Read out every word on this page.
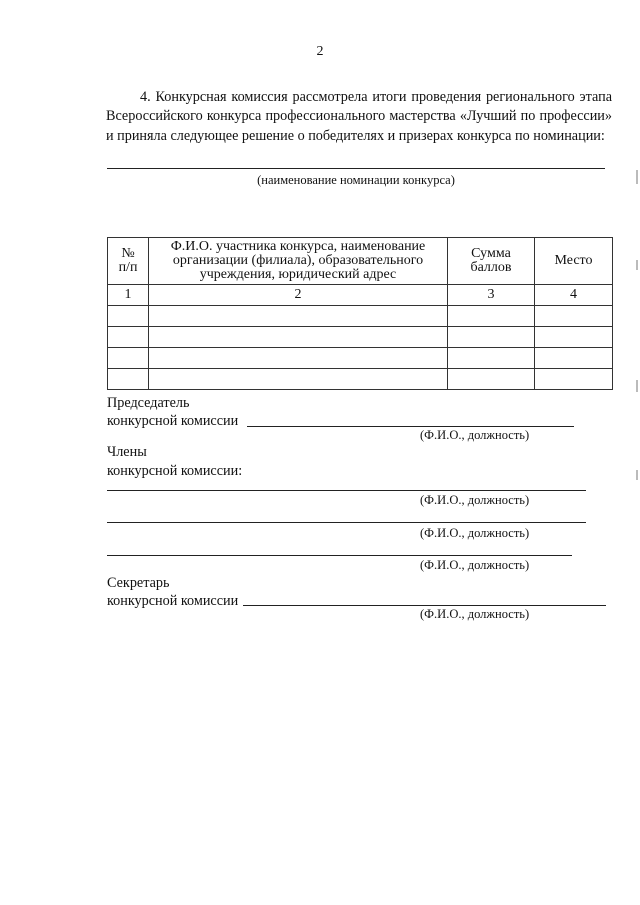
2
4. Конкурсная комиссия рассмотрела итоги проведения регионального этапа Всероссийского конкурса профессионального мастерства «Лучший по профессии» и приняла следующее решение о победителях и призерах конкурса по номинации:
(наименование номинации конкурса)
№ п/п	Ф.И.О. участника конкурса, наименование организации (филиала), образовательного учреждения, юридический адрес	Сумма баллов	Место
1	2	3	4

Председатель
конкурсной комиссии
(Ф.И.О., должность)
Члены
конкурсной комиссии:
(Ф.И.О., должность)
(Ф.И.О., должность)
(Ф.И.О., должность)
Секретарь
конкурсной комиссии
(Ф.И.О., должность)
